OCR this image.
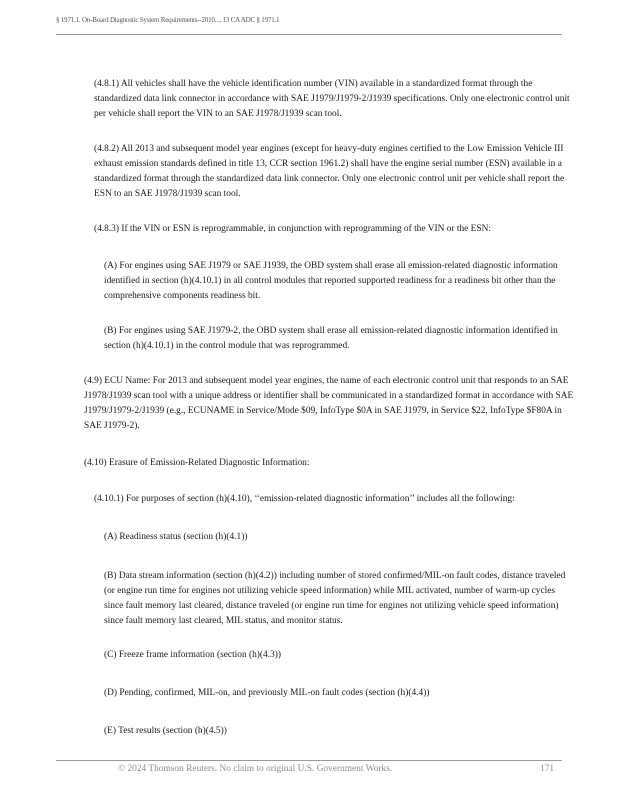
§ 1971.1. On-Board Diagnostic System Requirements--2010..., 13 CA ADC § 1971.1

(4.8.1) All vehicles shall have the vehicle identification number (VIN) available in a standardized format through the standardized data link connector in accordance with SAE J1979/J1979-2/J1939 specifications. Only one electronic control unit per vehicle shall report the VIN to an SAE J1978/J1939 scan tool.

(4.8.2) All 2013 and subsequent model year engines (except for heavy-duty engines certified to the Low Emission Vehicle III exhaust emission standards defined in title 13, CCR section 1961.2) shall have the engine serial number (ESN) available in a standardized format through the standardized data link connector. Only one electronic control unit per vehicle shall report the ESN to an SAE J1978/J1939 scan tool.

(4.8.3) If the VIN or ESN is reprogrammable, in conjunction with reprogramming of the VIN or the ESN:

(A) For engines using SAE J1979 or SAE J1939, the OBD system shall erase all emission-related diagnostic information identified in section (h)(4.10.1) in all control modules that reported supported readiness for a readiness bit other than the comprehensive components readiness bit.

(B) For engines using SAE J1979-2, the OBD system shall erase all emission-related diagnostic information identified in section (h)(4.10.1) in the control module that was reprogrammed.

(4.9) ECU Name: For 2013 and subsequent model year engines, the name of each electronic control unit that responds to an SAE J1978/J1939 scan tool with a unique address or identifier shall be communicated in a standardized format in accordance with SAE J1979/J1979-2/J1939 (e.g., ECUNAME in Service/Mode $09, InfoType $0A in SAE J1979, in Service $22, InfoType $F80A in SAE J1979-2).

(4.10) Erasure of Emission-Related Diagnostic Information:

(4.10.1) For purposes of section (h)(4.10), ‘‘emission-related diagnostic information’’ includes all the following:

(A) Readiness status (section (h)(4.1))

(B) Data stream information (section (h)(4.2)) including number of stored confirmed/MIL-on fault codes, distance traveled (or engine run time for engines not utilizing vehicle speed information) while MIL activated, number of warm-up cycles since fault memory last cleared, distance traveled (or engine run time for engines not utilizing vehicle speed information) since fault memory last cleared, MIL status, and monitor status.

(C) Freeze frame information (section (h)(4.3))

(D) Pending, confirmed, MIL-on, and previously MIL-on fault codes (section (h)(4.4))

(E) Test results (section (h)(4.5))

© 2024 Thomson Reuters. No claim to original U.S. Government Works.	171
